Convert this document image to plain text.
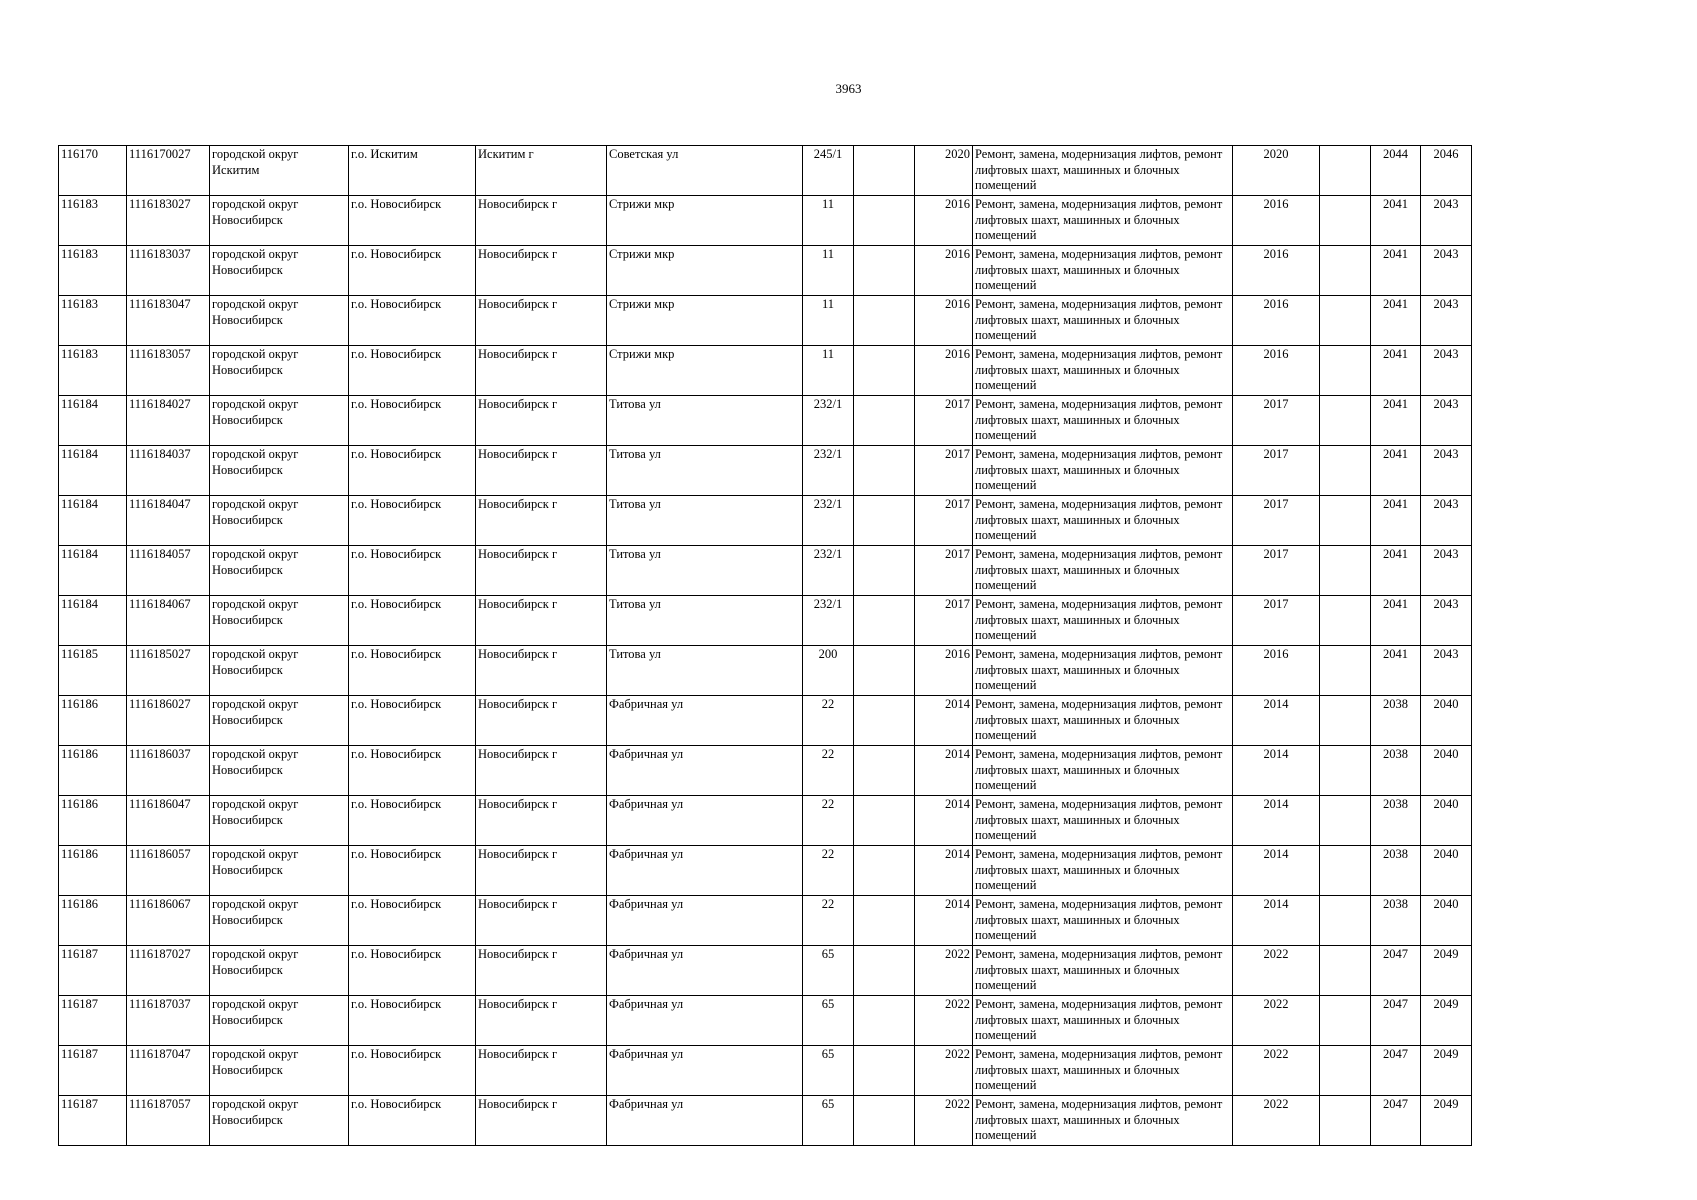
3963
116170	1116170027	городской округ Искитим	г.о. Искитим	Искитим г	Советская ул	245/1		2020	Ремонт, замена, модернизация лифтов, ремонт лифтовых шахт, машинных и блочных помещений	2020		2044	2046
116183	1116183027	городской округ Новосибирск	г.о. Новосибирск	Новосибирск г	Стрижи мкр	11		2016	Ремонт, замена, модернизация лифтов, ремонт лифтовых шахт, машинных и блочных помещений	2016		2041	2043
116183	1116183037	городской округ Новосибирск	г.о. Новосибирск	Новосибирск г	Стрижи мкр	11		2016	Ремонт, замена, модернизация лифтов, ремонт лифтовых шахт, машинных и блочных помещений	2016		2041	2043
116183	1116183047	городской округ Новосибирск	г.о. Новосибирск	Новосибирск г	Стрижи мкр	11		2016	Ремонт, замена, модернизация лифтов, ремонт лифтовых шахт, машинных и блочных помещений	2016		2041	2043
116183	1116183057	городской округ Новосибирск	г.о. Новосибирск	Новосибирск г	Стрижи мкр	11		2016	Ремонт, замена, модернизация лифтов, ремонт лифтовых шахт, машинных и блочных помещений	2016		2041	2043
116184	1116184027	городской округ Новосибирск	г.о. Новосибирск	Новосибирск г	Титова ул	232/1		2017	Ремонт, замена, модернизация лифтов, ремонт лифтовых шахт, машинных и блочных помещений	2017		2041	2043
116184	1116184037	городской округ Новосибирск	г.о. Новосибирск	Новосибирск г	Титова ул	232/1		2017	Ремонт, замена, модернизация лифтов, ремонт лифтовых шахт, машинных и блочных помещений	2017		2041	2043
116184	1116184047	городской округ Новосибирск	г.о. Новосибирск	Новосибирск г	Титова ул	232/1		2017	Ремонт, замена, модернизация лифтов, ремонт лифтовых шахт, машинных и блочных помещений	2017		2041	2043
116184	1116184057	городской округ Новосибирск	г.о. Новосибирск	Новосибирск г	Титова ул	232/1		2017	Ремонт, замена, модернизация лифтов, ремонт лифтовых шахт, машинных и блочных помещений	2017		2041	2043
116184	1116184067	городской округ Новосибирск	г.о. Новосибирск	Новосибирск г	Титова ул	232/1		2017	Ремонт, замена, модернизация лифтов, ремонт лифтовых шахт, машинных и блочных помещений	2017		2041	2043
116185	1116185027	городской округ Новосибирск	г.о. Новосибирск	Новосибирск г	Титова ул	200		2016	Ремонт, замена, модернизация лифтов, ремонт лифтовых шахт, машинных и блочных помещений	2016		2041	2043
116186	1116186027	городской округ Новосибирск	г.о. Новосибирск	Новосибирск г	Фабричная ул	22		2014	Ремонт, замена, модернизация лифтов, ремонт лифтовых шахт, машинных и блочных помещений	2014		2038	2040
116186	1116186037	городской округ Новосибирск	г.о. Новосибирск	Новосибирск г	Фабричная ул	22		2014	Ремонт, замена, модернизация лифтов, ремонт лифтовых шахт, машинных и блочных помещений	2014		2038	2040
116186	1116186047	городской округ Новосибирск	г.о. Новосибирск	Новосибирск г	Фабричная ул	22		2014	Ремонт, замена, модернизация лифтов, ремонт лифтовых шахт, машинных и блочных помещений	2014		2038	2040
116186	1116186057	городской округ Новосибирск	г.о. Новосибирск	Новосибирск г	Фабричная ул	22		2014	Ремонт, замена, модернизация лифтов, ремонт лифтовых шахт, машинных и блочных помещений	2014		2038	2040
116186	1116186067	городской округ Новосибирск	г.о. Новосибирск	Новосибирск г	Фабричная ул	22		2014	Ремонт, замена, модернизация лифтов, ремонт лифтовых шахт, машинных и блочных помещений	2014		2038	2040
116187	1116187027	городской округ Новосибирск	г.о. Новосибирск	Новосибирск г	Фабричная ул	65		2022	Ремонт, замена, модернизация лифтов, ремонт лифтовых шахт, машинных и блочных помещений	2022		2047	2049
116187	1116187037	городской округ Новосибирск	г.о. Новосибирск	Новосибирск г	Фабричная ул	65		2022	Ремонт, замена, модернизация лифтов, ремонт лифтовых шахт, машинных и блочных помещений	2022		2047	2049
116187	1116187047	городской округ Новосибирск	г.о. Новосибирск	Новосибирск г	Фабричная ул	65		2022	Ремонт, замена, модернизация лифтов, ремонт лифтовых шахт, машинных и блочных помещений	2022		2047	2049
116187	1116187057	городской округ Новосибирск	г.о. Новосибирск	Новосибирск г	Фабричная ул	65		2022	Ремонт, замена, модернизация лифтов, ремонт лифтовых шахт, машинных и блочных помещений	2022		2047	2049
